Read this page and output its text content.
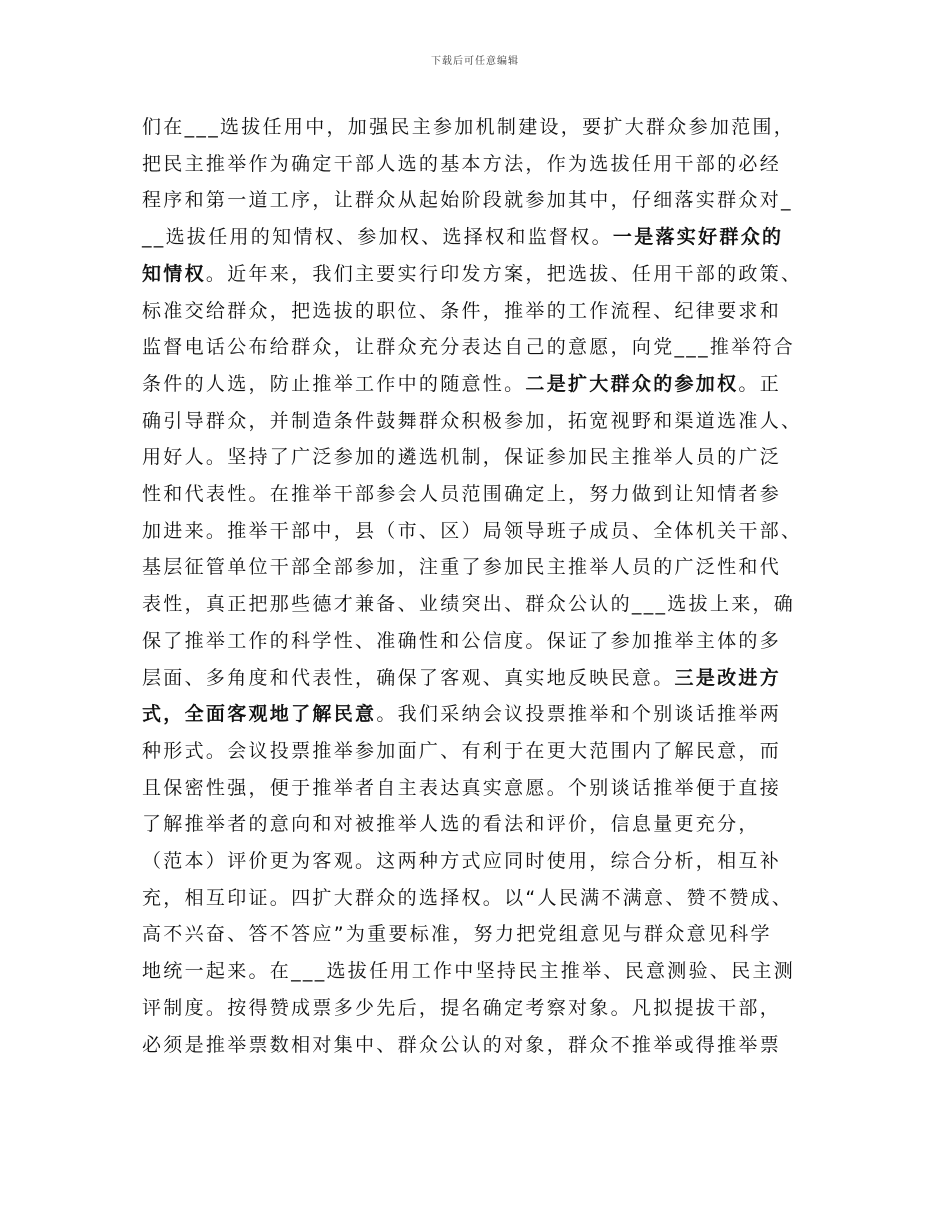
下载后可任意编辑
们在___选拔任用中，加强民主参加机制建设，要扩大群众参加范围，
把民主推举作为确定干部人选的基本方法，作为选拔任用干部的必经
程序和第一道工序，让群众从起始阶段就参加其中，仔细落实群众对_
__选拔任用的知情权、参加权、选择权和监督权。一是落实好群众的
知情权。近年来，我们主要实行印发方案，把选拔、任用干部的政策、
标准交给群众，把选拔的职位、条件，推举的工作流程、纪律要求和
监督电话公布给群众，让群众充分表达自己的意愿，向党___推举符合
条件的人选，防止推举工作中的随意性。二是扩大群众的参加权。正
确引导群众，并制造条件鼓舞群众积极参加，拓宽视野和渠道选准人、
用好人。坚持了广泛参加的遴选机制，保证参加民主推举人员的广泛
性和代表性。在推举干部参会人员范围确定上，努力做到让知情者参
加进来。推举干部中，县（市、区）局领导班子成员、全体机关干部、
基层征管单位干部全部参加，注重了参加民主推举人员的广泛性和代
表性，真正把那些德才兼备、业绩突出、群众公认的___选拔上来，确
保了推举工作的科学性、准确性和公信度。保证了参加推举主体的多
层面、多角度和代表性，确保了客观、真实地反映民意。三是改进方
式，全面客观地了解民意。我们采纳会议投票推举和个别谈话推举两
种形式。会议投票推举参加面广、有利于在更大范围内了解民意，而
且保密性强，便于推举者自主表达真实意愿。个别谈话推举便于直接
了解推举者的意向和对被推举人选的看法和评价，信息量更充分，
（范本）评价更为客观。这两种方式应同时使用，综合分析，相互补
充，相互印证。四扩大群众的选择权。以“人民满不满意、赞不赞成、
高不兴奋、答不答应”为重要标准，努力把党组意见与群众意见科学
地统一起来。在___选拔任用工作中坚持民主推举、民意测验、民主测
评制度。按得赞成票多少先后，提名确定考察对象。凡拟提拔干部，
必须是推举票数相对集中、群众公认的对象，群众不推举或得推举票
